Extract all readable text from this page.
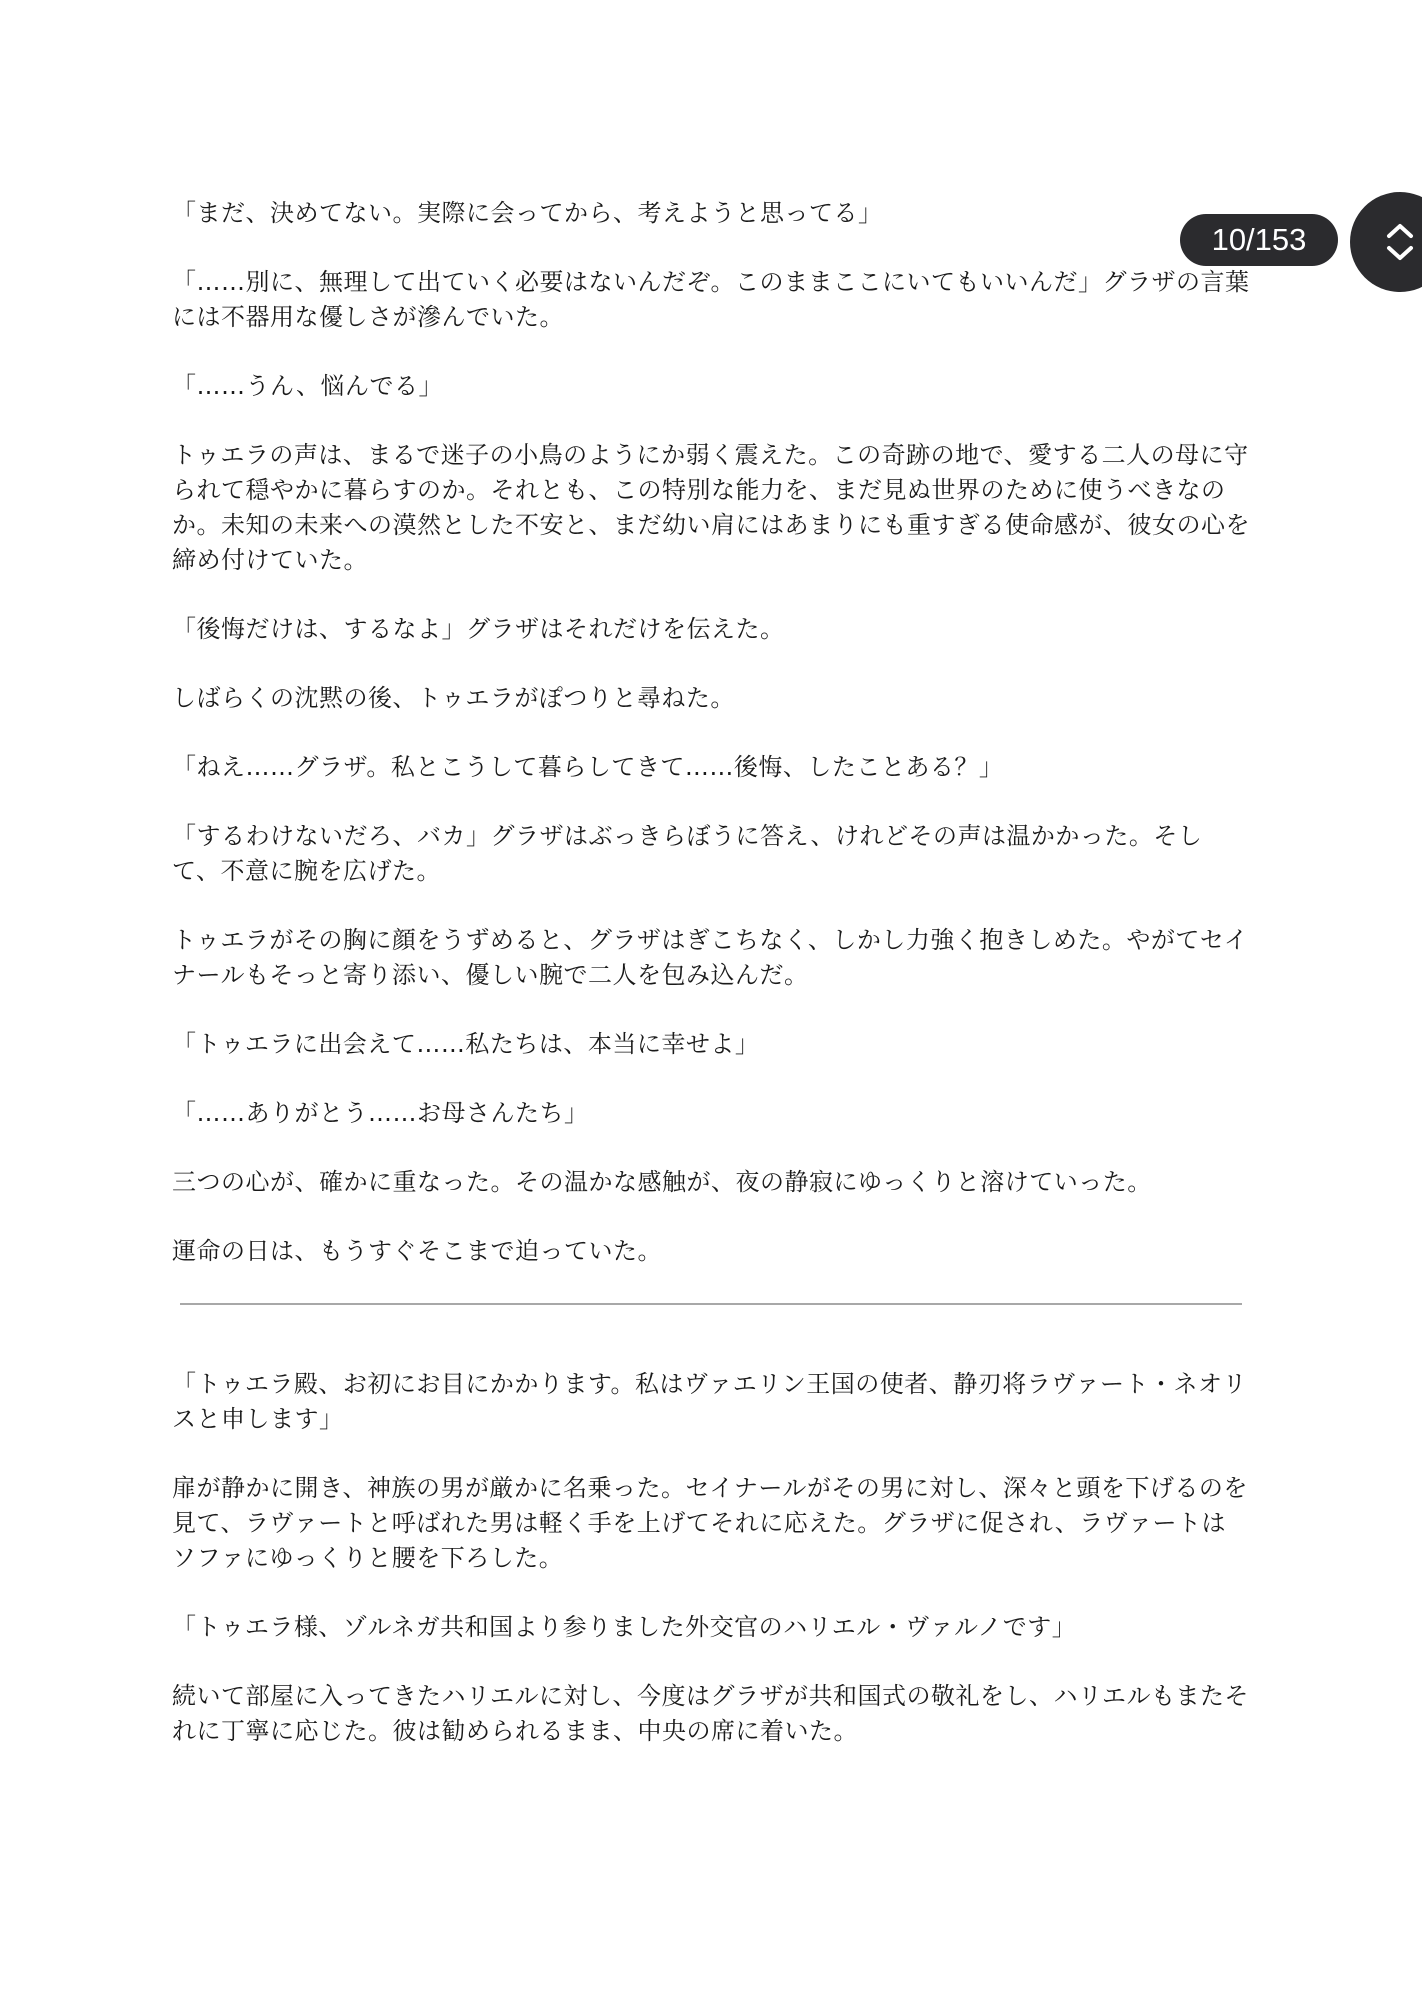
「まだ、決めてない。実際に会ってから、考えようと思ってる」

「……別に、無理して出ていく必要はないんだぞ。このままここにいてもいいんだ」グラザの言葉には不器用な優しさが滲んでいた。

「……うん、悩んでる」

トゥエラの声は、まるで迷子の小鳥のようにか弱く震えた。この奇跡の地で、愛する二人の母に守られて穏やかに暮らすのか。それとも、この特別な能力を、まだ見ぬ世界のために使うべきなのか。未知の未来への漠然とした不安と、まだ幼い肩にはあまりにも重すぎる使命感が、彼女の心を締め付けていた。

「後悔だけは、するなよ」グラザはそれだけを伝えた。

しばらくの沈黙の後、トゥエラがぽつりと尋ねた。

「ねえ……グラザ。私とこうして暮らしてきて……後悔、したことある？」

「するわけないだろ、バカ」グラザはぶっきらぼうに答え、けれどその声は温かかった。そして、不意に腕を広げた。

トゥエラがその胸に顔をうずめると、グラザはぎこちなく、しかし力強く抱きしめた。やがてセイナールもそっと寄り添い、優しい腕で二人を包み込んだ。

「トゥエラに出会えて……私たちは、本当に幸せよ」

「……ありがとう……お母さんたち」

三つの心が、確かに重なった。その温かな感触が、夜の静寂にゆっくりと溶けていった。

運命の日は、もうすぐそこまで迫っていた。

「トゥエラ殿、お初にお目にかかります。私はヴァエリン王国の使者、静刃将ラヴァート・ネオリスと申します」

扉が静かに開き、神族の男が厳かに名乗った。セイナールがその男に対し、深々と頭を下げるのを見て、ラヴァートと呼ばれた男は軽く手を上げてそれに応えた。グラザに促され、ラヴァートはソファにゆっくりと腰を下ろした。

「トゥエラ様、ゾルネガ共和国より参りました外交官のハリエル・ヴァルノです」

続いて部屋に入ってきたハリエルに対し、今度はグラザが共和国式の敬礼をし、ハリエルもまたそれに丁寧に応じた。彼は勧められるまま、中央の席に着いた。

10/153
